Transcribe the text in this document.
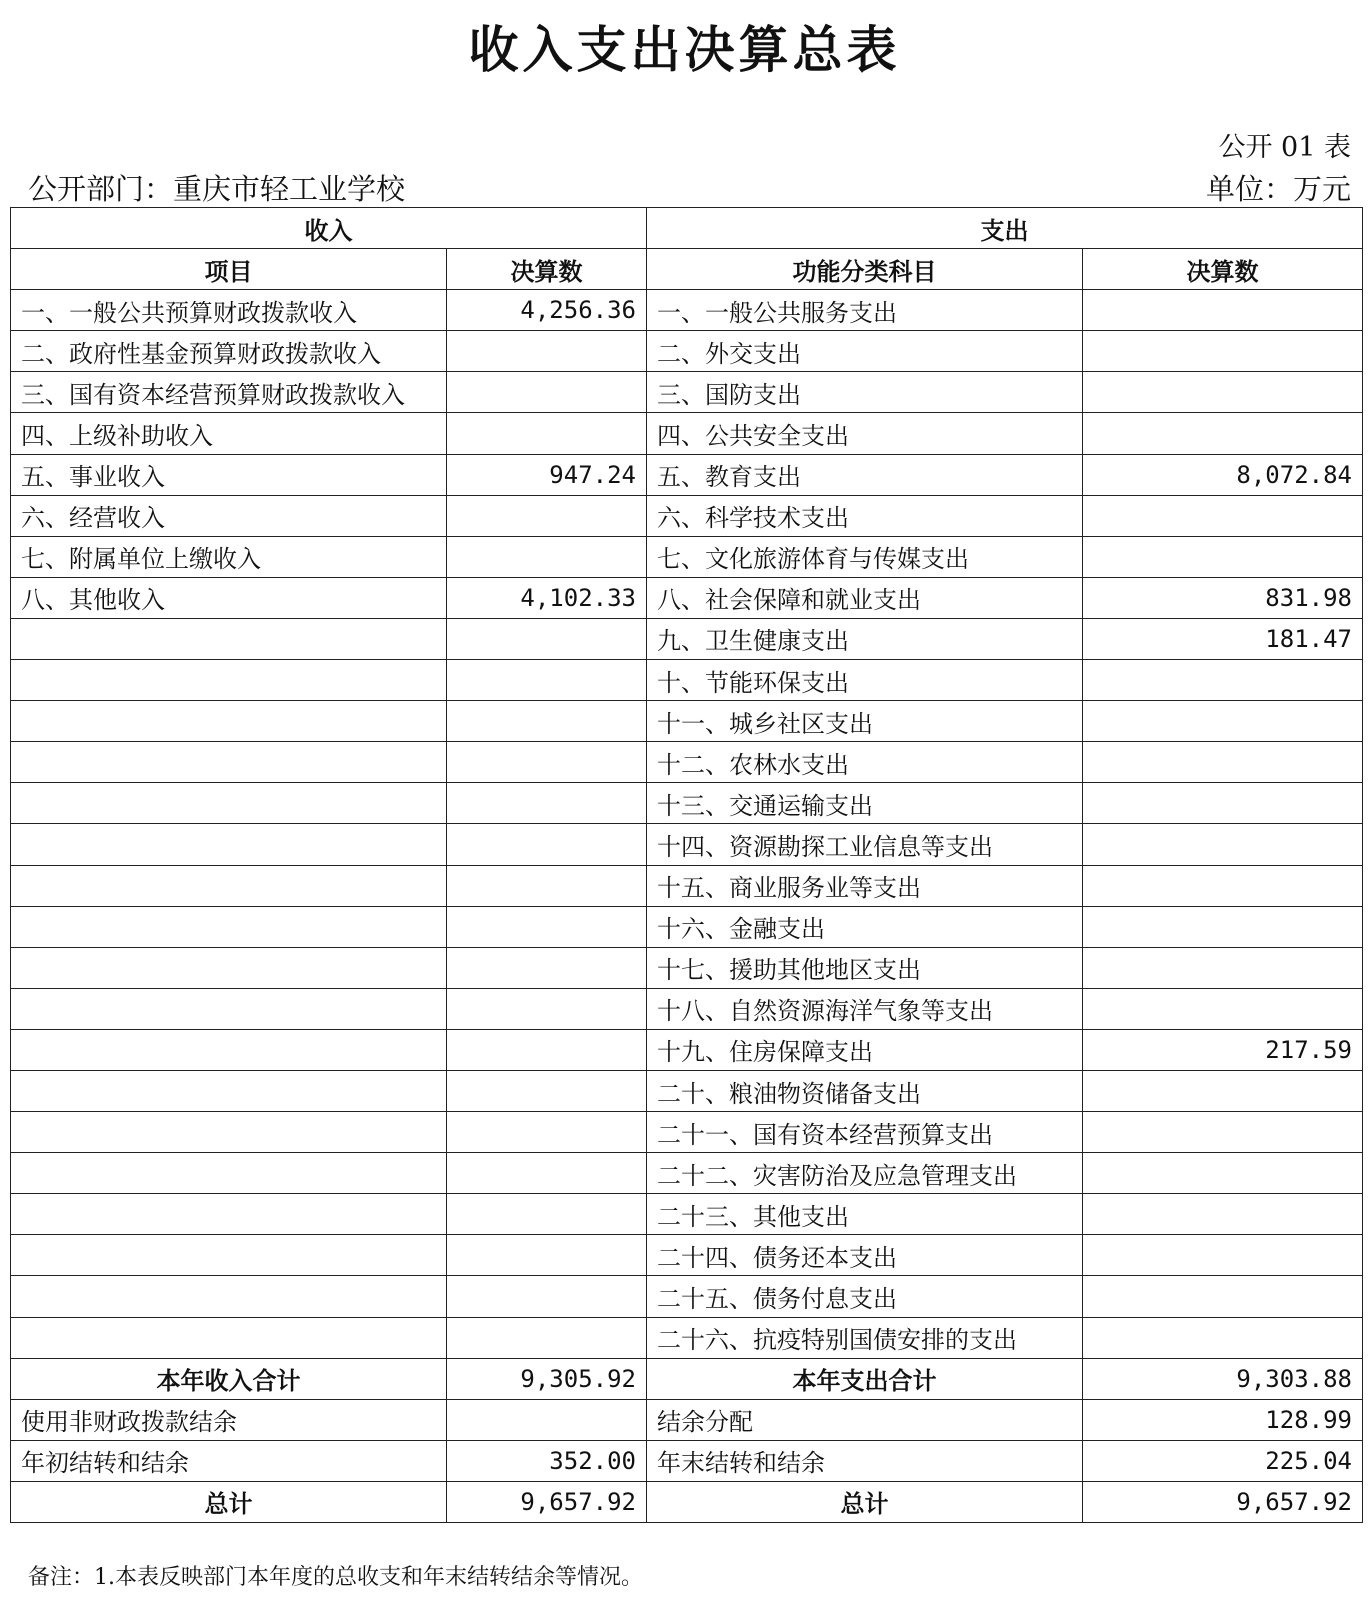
收入支出决算总表
公开 01 表
公开部门：重庆市轻工业学校	单位：万元
收入		支出	
项目	决算数	功能分类科目	决算数
一、一般公共预算财政拨款收入	4,256.36	一、一般公共服务支出	
二、政府性基金预算财政拨款收入		二、外交支出	
三、国有资本经营预算财政拨款收入		三、国防支出	
四、上级补助收入		四、公共安全支出	
五、事业收入	947.24	五、教育支出	8,072.84
六、经营收入		六、科学技术支出	
七、附属单位上缴收入		七、文化旅游体育与传媒支出	
八、其他收入	4,102.33	八、社会保障和就业支出	831.98
		九、卫生健康支出	181.47
		十、节能环保支出	
		十一、城乡社区支出	
		十二、农林水支出	
		十三、交通运输支出	
		十四、资源勘探工业信息等支出	
		十五、商业服务业等支出	
		十六、金融支出	
		十七、援助其他地区支出	
		十八、自然资源海洋气象等支出	
		十九、住房保障支出	217.59
		二十、粮油物资储备支出	
		二十一、国有资本经营预算支出	
		二十二、灾害防治及应急管理支出	
		二十三、其他支出	
		二十四、债务还本支出	
		二十五、债务付息支出	
		二十六、抗疫特别国债安排的支出	
本年收入合计	9,305.92	本年支出合计	9,303.88
使用非财政拨款结余		结余分配	128.99
年初结转和结余	352.00	年末结转和结余	225.04
总计	9,657.92	总计	9,657.92
备注：1.本表反映部门本年度的总收支和年末结转结余等情况。
